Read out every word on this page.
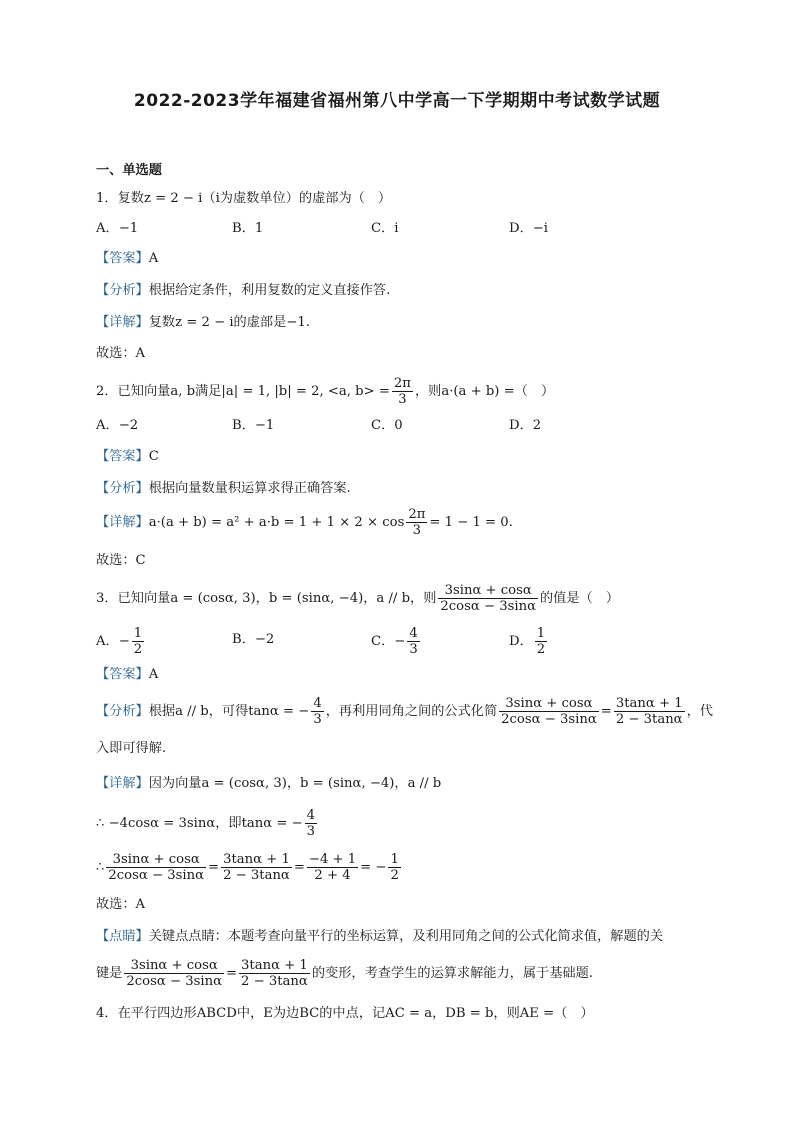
2022-2023学年福建省福州第八中学高一下学期期中考试数学试题
一、单选题
1．复数z = 2 − i（i为虚数单位）的虚部为（　）
A．−1	B．1	C．i	D．−i
【答案】A
【分析】根据给定条件，利用复数的定义直接作答.
【详解】复数z = 2 − i的虚部是−1.
故选：A
2．已知向量a, b满足|a| = 1, |b| = 2, <a, $b> = \frac{2\pi}{3}$ ，则a·(a + b) =（　）
A．−2	B．−1	C．0	D．2
【答案】C
【分析】根据向量数量积运算求得正确答案.
【详解】$a\cdot(a + b) = a^2 + a\cdot b = 1 + 1 \times 2 \times \cos \frac{2\pi}{3} = 1 - 1 = 0$.
故选：C
3．已知向量a = (cosα, 3)，b = (sinα, −4)，a // b，则 $\frac{3\sin\alpha + \cos\alpha}{2\cos\alpha - 3\sin\alpha}$ 的值是（　）
A．− $\frac{1}{2}$	B．−2	C．− $\frac{4}{3}$	D． $\frac{1}{2}$
【答案】A
【分析】根据a // b，可得tanα = − $\frac{4}{3}$ ，再利用同角之间的公式化简 $\frac{3\sin\alpha + \cos\alpha}{2\cos\alpha - 3\sin\alpha} = \frac{3\tan\alpha + 1}{2 - 3\tan\alpha}$ ，代
入即可得解.
【详解】因为向量a = (cosα, 3)，b = (sinα, −4)，a // b
∴ −4cosα = 3sinα，即tanα = − $\frac{4}{3}$
∴ $\frac{3\sin\alpha + \cos\alpha}{2\cos\alpha - 3\sin\alpha} = \frac{3\tan\alpha + 1}{2 - 3\tan\alpha} = \frac{-4 + 1}{2 + 4}$ = − $\frac{1}{2}$
故选：A
【点睛】关键点点睛：本题考查向量平行的坐标运算，及利用同角之间的公式化简求值，解题的关
键是 $\frac{3\sin\alpha + \cos\alpha}{2\cos\alpha - 3\sin\alpha} = \frac{3\tan\alpha + 1}{2 - 3\tan\alpha}$ 的变形，考查学生的运算求解能力，属于基础题.
4．在平行四边形ABCD中，E为边BC的中点，记AC = a，DB = b，则AE =（　）
